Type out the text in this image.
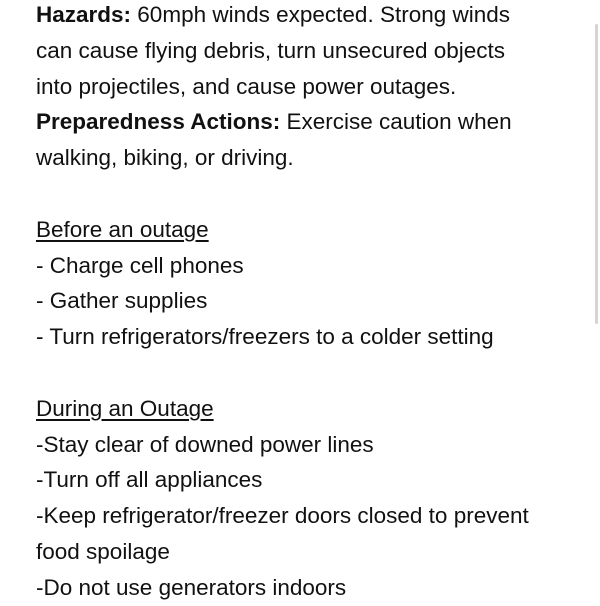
Hazards: 60mph winds expected. Strong winds
can cause flying debris, turn unsecured objects
into projectiles, and cause power outages.
Preparedness Actions: Exercise caution when
walking, biking, or driving.
Before an outage
- Charge cell phones
- Gather supplies
- Turn refrigerators/freezers to a colder setting
During an Outage
-Stay clear of downed power lines
-Turn off all appliances
-Keep refrigerator/freezer doors closed to prevent
food spoilage
-Do not use generators indoors
